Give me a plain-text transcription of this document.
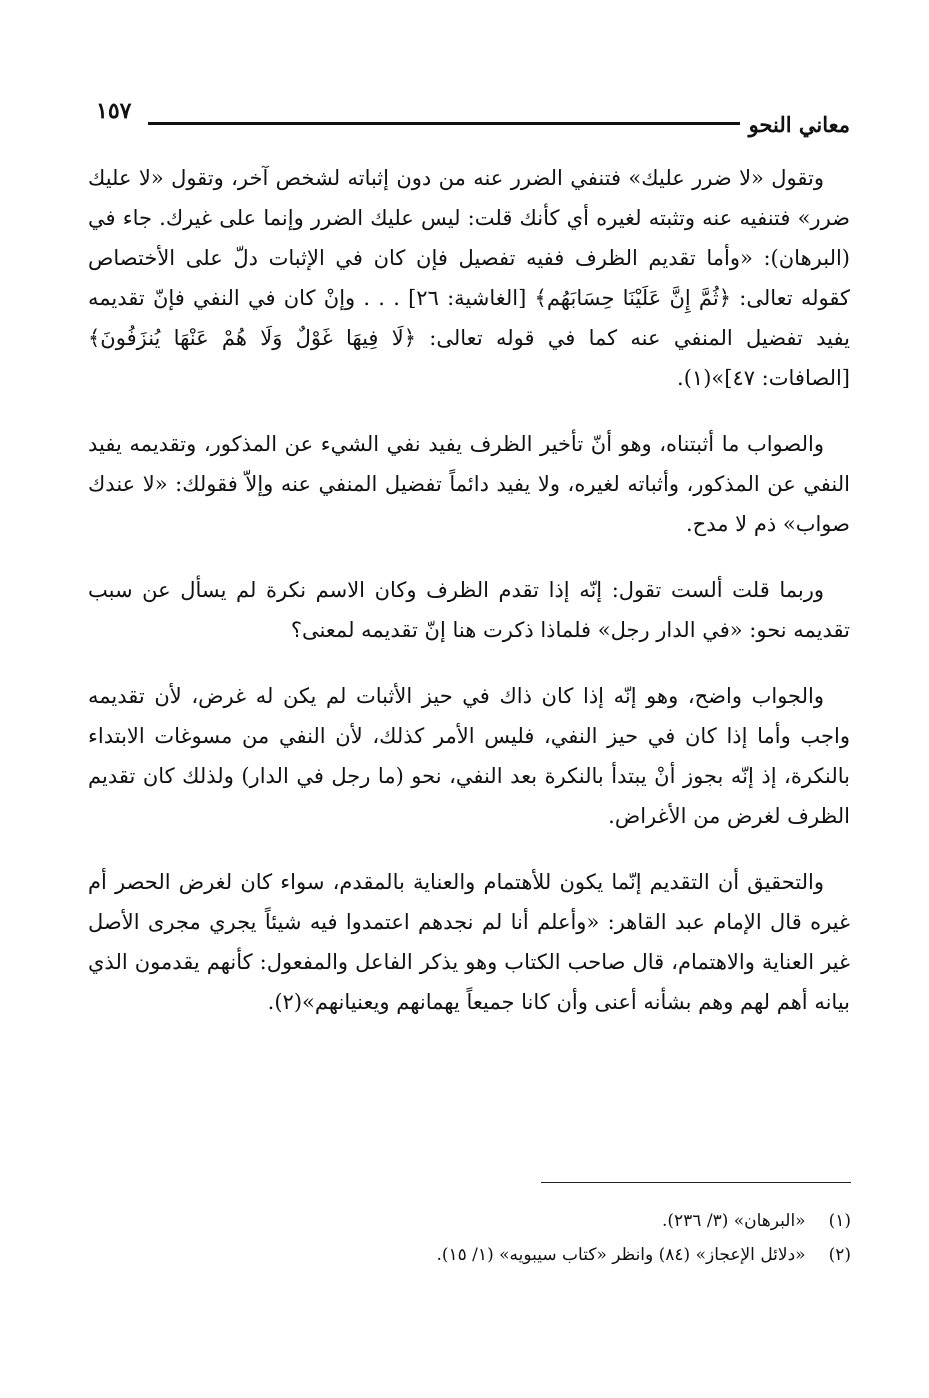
١٥٧
معاني النحو

وتقول «لا ضرر عليك» فتنفي الضرر عنه من دون إثباته لشخص آخر، وتقول «لا عليك ضرر» فتنفيه عنه وتثبته لغيره أي كأنك قلت: ليس عليك الضرر وإنما على غيرك. جاء في (البرهان): «وأما تقديم الظرف ففيه تفصيل فإن كان في الإثبات دلّ على الأختصاص كقوله تعالى: ﴿ثُمَّ إِنَّ عَلَيْنَا حِسَابَهُم﴾ [الغاشية: ٢٦] . . . وإنْ كان في النفي فإنّ تقديمه يفيد تفضيل المنفي عنه كما في قوله تعالى: ﴿لَا فِيهَا غَوْلٌ وَلَا هُمْ عَنْهَا يُنزَفُونَ﴾ [الصافات: ٤٧]»(١).

والصواب ما أثبتناه، وهو أنّ تأخير الظرف يفيد نفي الشيء عن المذكور، وتقديمه يفيد النفي عن المذكور، وأثباته لغيره، ولا يفيد دائماً تفضيل المنفي عنه وإلاّ فقولك: «لا عندك صواب» ذم لا مدح.

وربما قلت ألست تقول: إنّه إذا تقدم الظرف وكان الاسم نكرة لم يسأل عن سبب تقديمه نحو: «في الدار رجل» فلماذا ذكرت هنا إنّ تقديمه لمعنى؟

والجواب واضح، وهو إنّه إذا كان ذاك في حيز الأثبات لم يكن له غرض، لأن تقديمه واجب وأما إذا كان في حيز النفي، فليس الأمر كذلك، لأن النفي من مسوغات الابتداء بالنكرة، إذ إنّه بجوز أنْ يبتدأ بالنكرة بعد النفي، نحو (ما رجل في الدار) ولذلك كان تقديم الظرف لغرض من الأغراض.

والتحقيق أن التقديم إنّما يكون للأهتمام والعناية بالمقدم، سواء كان لغرض الحصر أم غيره قال الإمام عبد القاهر: «وأعلم أنا لم نجدهم اعتمدوا فيه شيئاً يجري مجرى الأصل غير العناية والاهتمام، قال صاحب الكتاب وهو يذكر الفاعل والمفعول: كأنهم يقدمون الذي بيانه أهم لهم وهم بشأنه أعنى وأن كانا جميعاً يهمانهم ويعنيانهم»(٢).

(١) «البرهان» (٣/ ٢٣٦).
(٢) «دلائل الإعجاز» (٨٤) وانظر «كتاب سيبويه» (١/ ١٥).
